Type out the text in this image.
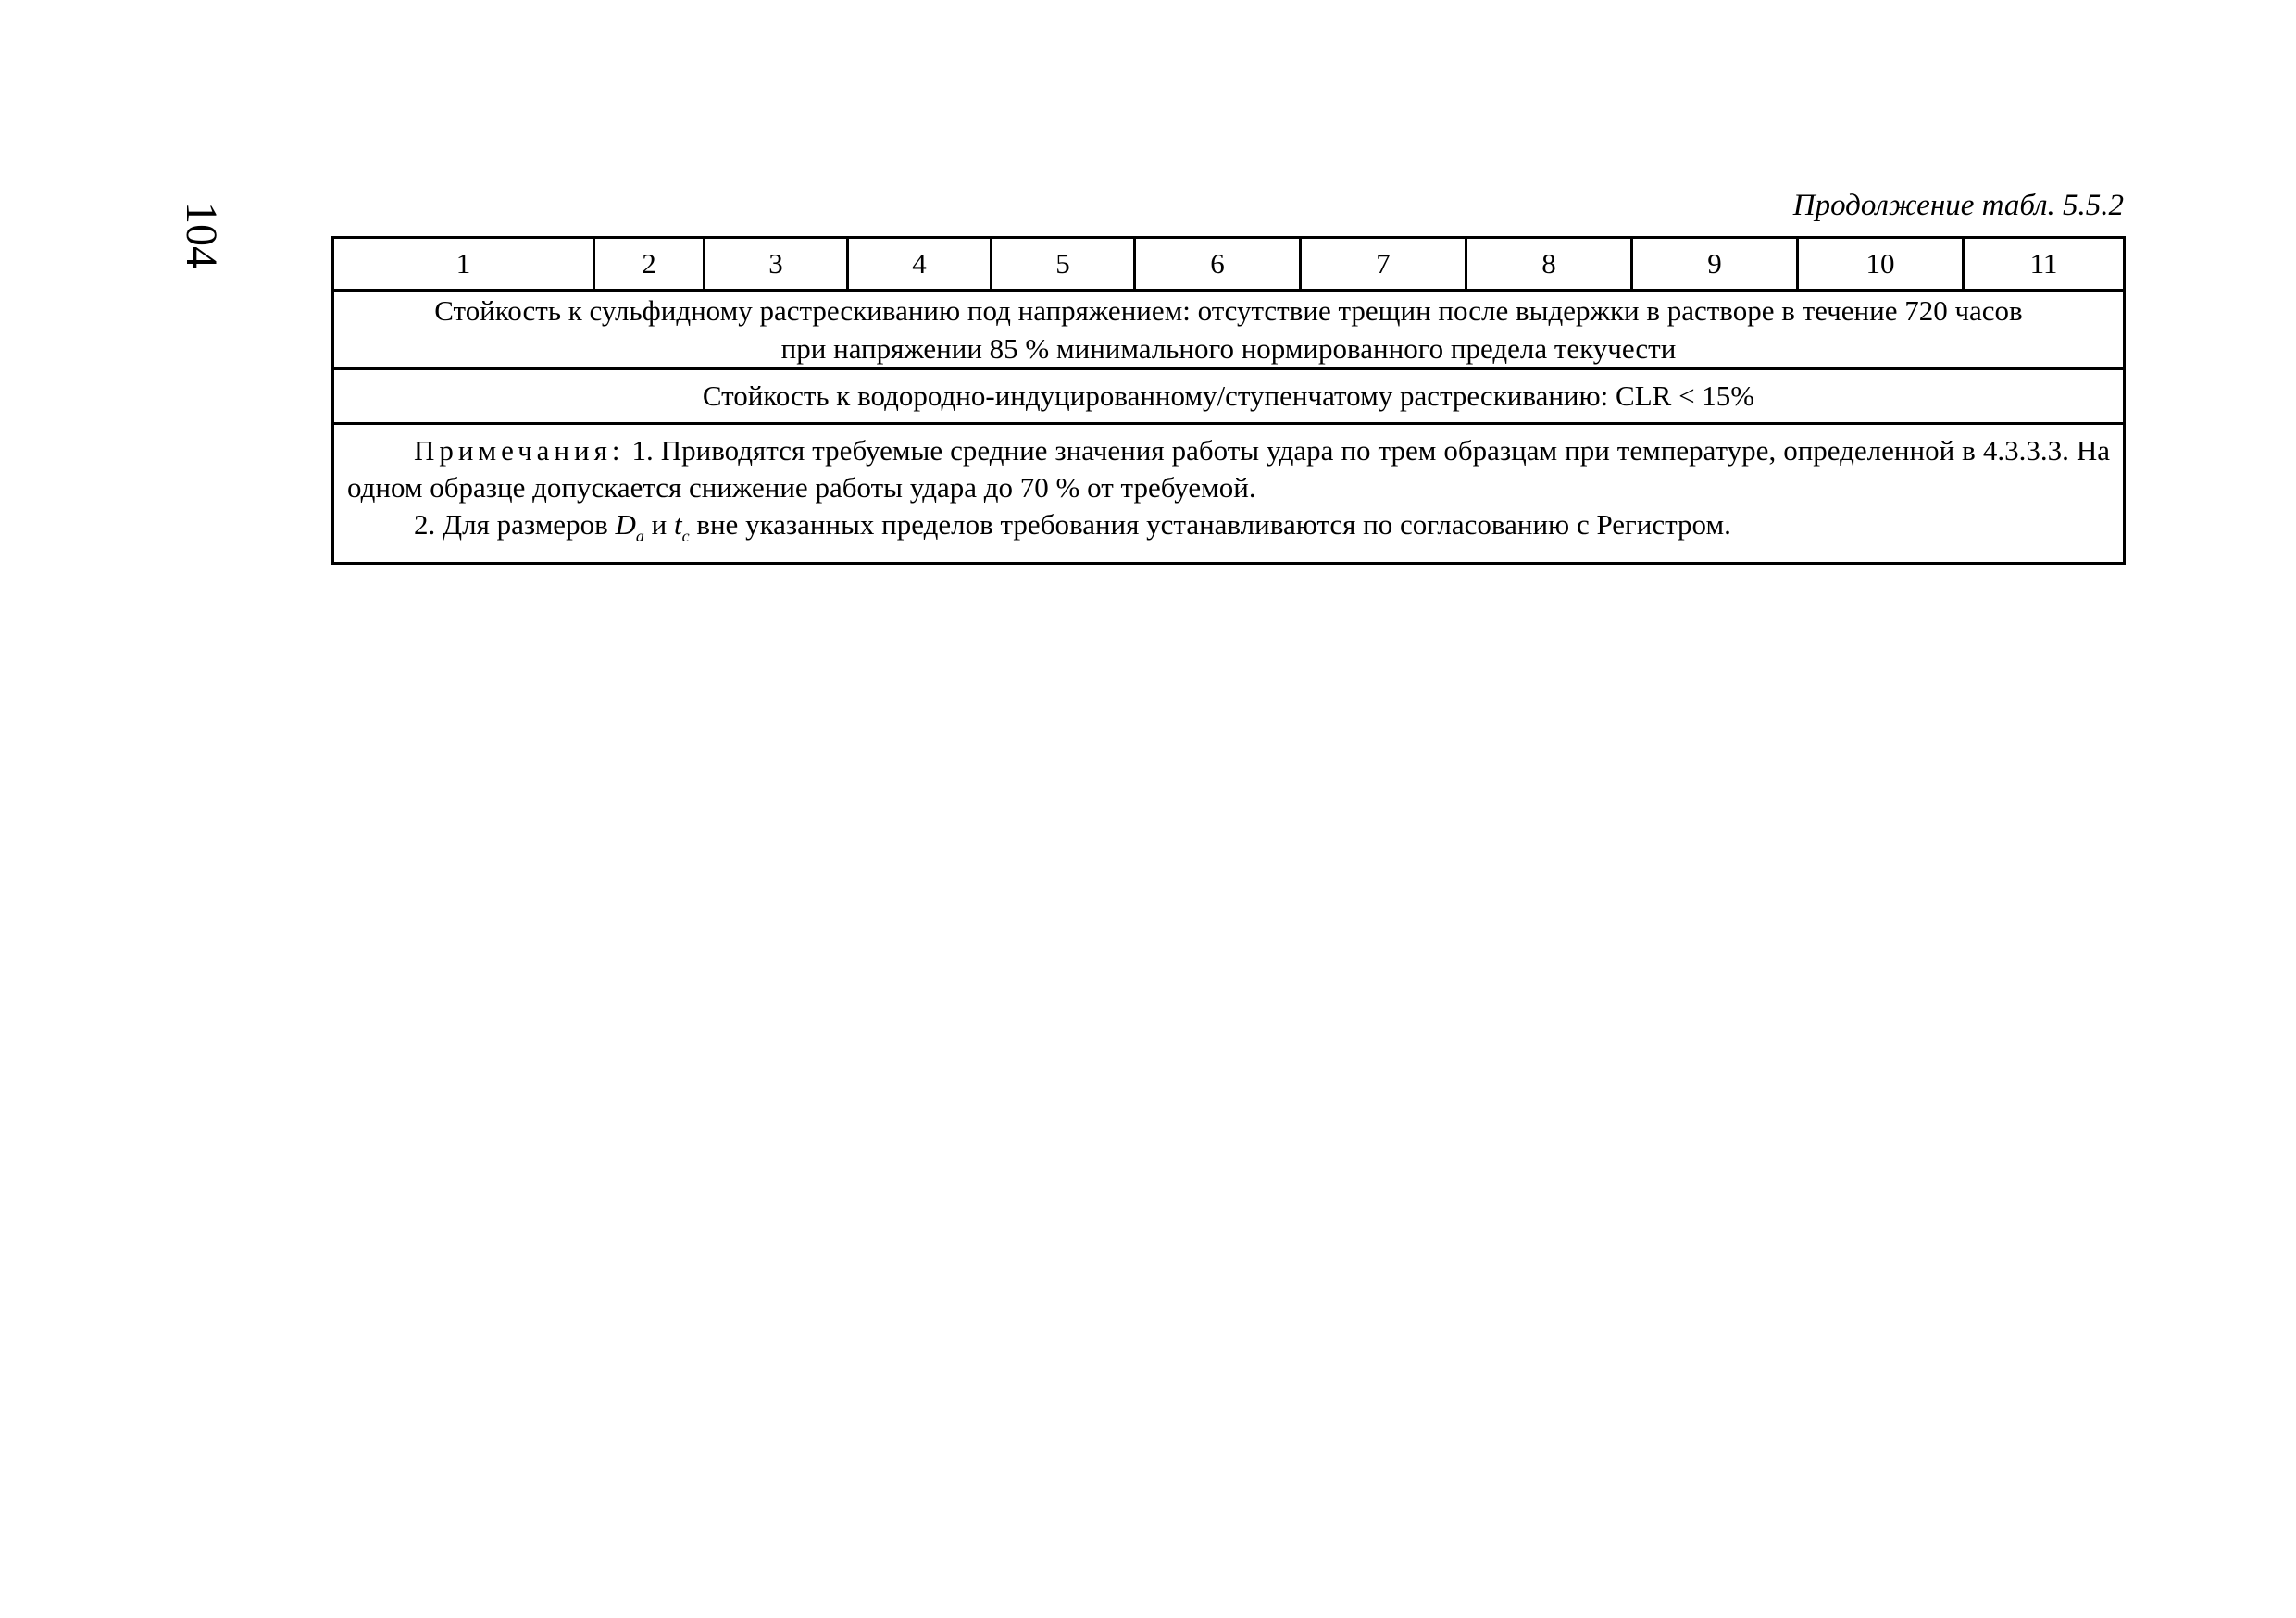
104	Продолжение табл. 5.5.2
1	2	3	4	5	6	7	8	9	10	11
Стойкость к сульфидному растрескиванию под напряжением: отсутствие трещин после выдержки в растворе в течение 720 часов
при напряжении 85 % минимального нормированного предела текучести
Стойкость к водородно-индуцированному/ступенчатому растрескиванию: CLR < 15%

Примечания: 1. Приводятся требуемые средние значения работы удара по трем образцам при температуре, определенной в 4.3.3.3. На одном образце допускается снижение работы удара до 70 % от требуемой.

2. Для размеров $D_a$ и $t_c$ вне указанных пределов требования устанавливаются по согласованию с Регистром.
